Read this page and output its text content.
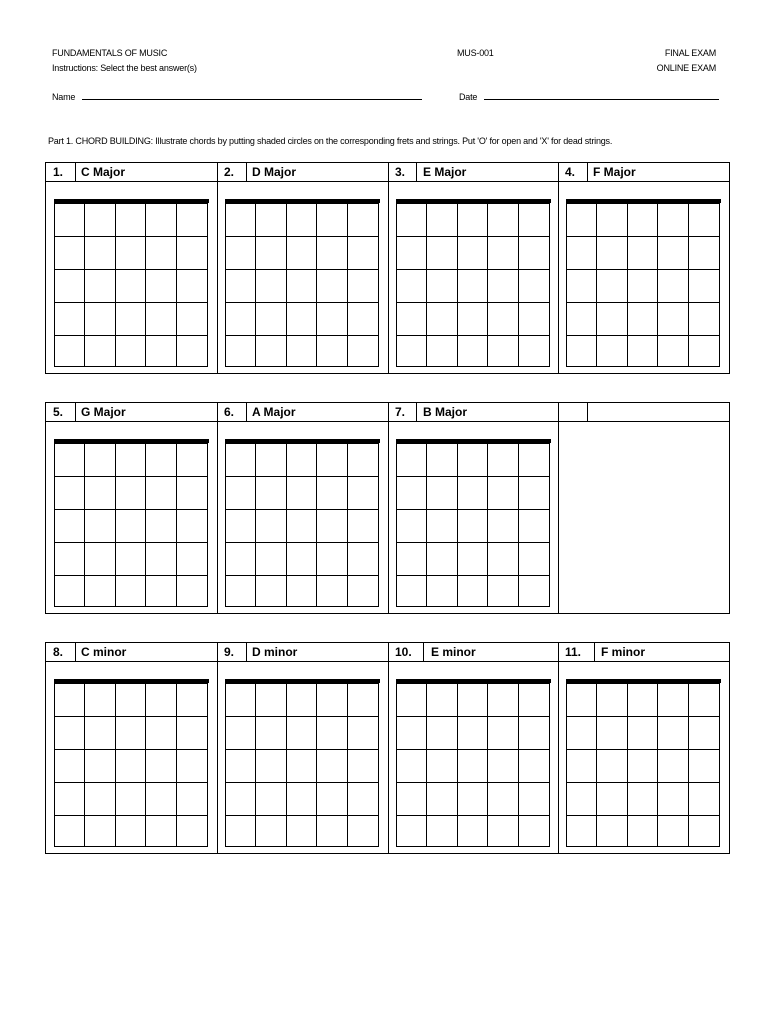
FUNDAMENTALS OF MUSIC
Instructions: Select the best answer(s)
MUS-001	FINAL EXAM
ONLINE EXAM
Name	Date
Part 1. CHORD BUILDING: Illustrate chords by putting shaded circles on the corresponding frets and strings. Put 'O' for open and 'X' for dead strings.
1. C Major	2. D Major	3. E Major	4. F Major
5. G Major	6. A Major	7. B Major
8. C minor	9. D minor	10. E minor	11. F minor
